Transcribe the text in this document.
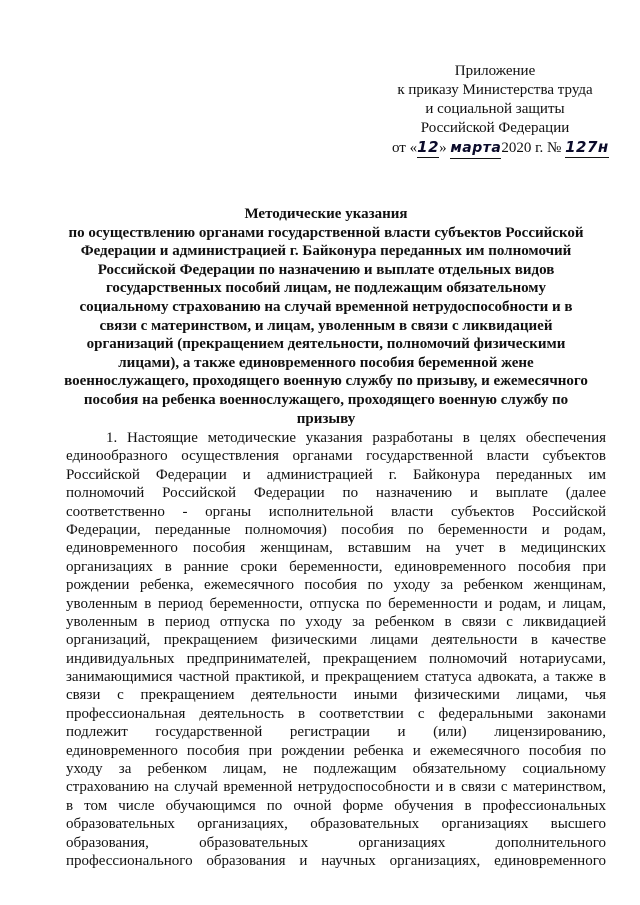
Приложение
к приказу Министерства труда
и социальной защиты
Российской Федерации
от «12» марта2020 г. № 127н
Методические указания
по осуществлению органами государственной власти субъектов Российской
Федерации и администрацией г. Байконура переданных им полномочий
Российской Федерации по назначению и выплате отдельных видов
государственных пособий лицам, не подлежащим обязательному
социальному страхованию на случай временной нетрудоспособности и в
связи с материнством, и лицам, уволенным в связи с ликвидацией
организаций (прекращением деятельности, полномочий физическими
лицами), а также единовременного пособия беременной жене
военнослужащего, проходящего военную службу по призыву, и ежемесячного
пособия на ребенка военнослужащего, проходящего военную службу по
призыву
1. Настоящие методические указания разработаны в целях обеспечения
единообразного осуществления органами государственной власти субъектов
Российской Федерации и администрацией г. Байконура переданных им
полномочий Российской Федерации по назначению и выплате (далее
соответственно - органы исполнительной власти субъектов Российской
Федерации, переданные полномочия) пособия по беременности и родам,
единовременного пособия женщинам, вставшим на учет в медицинских
организациях в ранние сроки беременности, единовременного пособия при
рождении ребенка, ежемесячного пособия по уходу за ребенком женщинам,
уволенным в период беременности, отпуска по беременности и родам, и лицам,
уволенным в период отпуска по уходу за ребенком в связи с ликвидацией
организаций, прекращением физическими лицами деятельности в качестве
индивидуальных предпринимателей, прекращением полномочий нотариусами,
занимающимися частной практикой, и прекращением статуса адвоката, а также в
связи с прекращением деятельности иными физическими лицами, чья
профессиональная деятельность в соответствии с федеральными законами
подлежит государственной регистрации и (или) лицензированию,
единовременного пособия при рождении ребенка и ежемесячного пособия по
уходу за ребенком лицам, не подлежащим обязательному социальному
страхованию на случай временной нетрудоспособности и в связи с материнством,
в том числе обучающимся по очной форме обучения в профессиональных
образовательных организациях, образовательных организациях высшего
образования, образовательных организациях дополнительного
профессионального образования и научных организациях, единовременного
